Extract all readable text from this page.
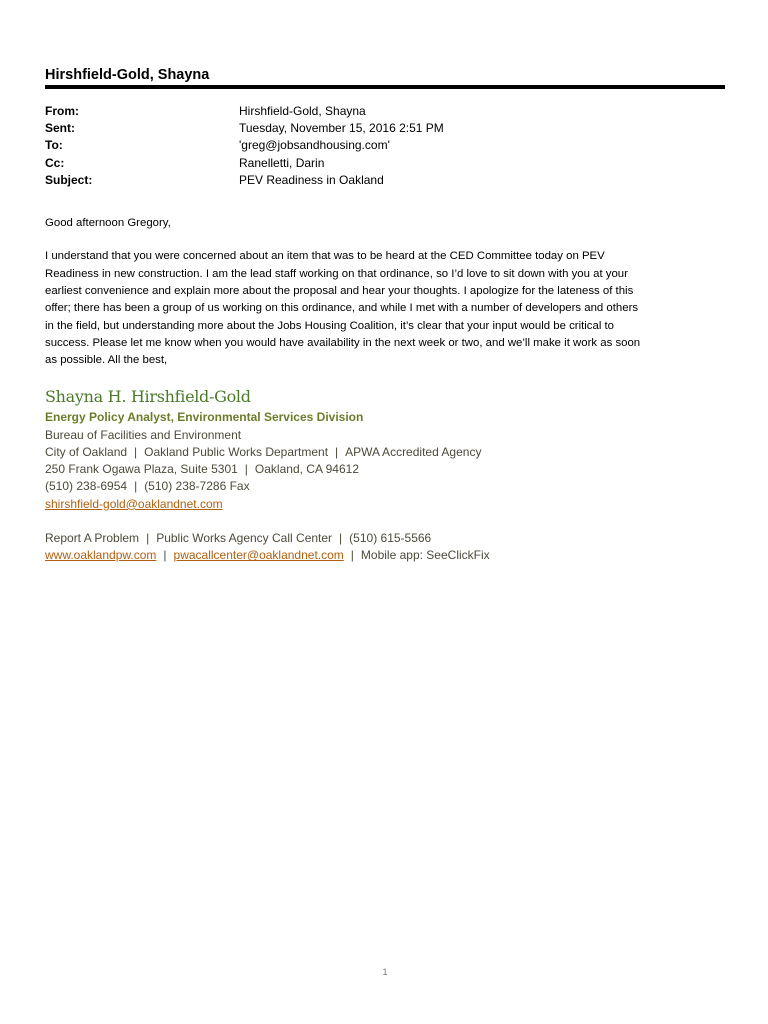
Hirshfield-Gold, Shayna
From:	Hirshfield-Gold, Shayna
Sent:	Tuesday, November 15, 2016 2:51 PM
To:	'greg@jobsandhousing.com'
Cc:	Ranelletti, Darin
Subject:	PEV Readiness in Oakland

Good afternoon Gregory,

I understand that you were concerned about an item that was to be heard at the CED Committee today on PEV
Readiness in new construction. I am the lead staff working on that ordinance, so I’d love to sit down with you at your
earliest convenience and explain more about the proposal and hear your thoughts. I apologize for the lateness of this
offer; there has been a group of us working on this ordinance, and while I met with a number of developers and others
in the field, but understanding more about the Jobs Housing Coalition, it’s clear that your input would be critical to
success. Please let me know when you would have availability in the next week or two, and we’ll make it work as soon
as possible. All the best,

Shayna H. Hirshfield-Gold
Energy Policy Analyst, Environmental Services Division
Bureau of Facilities and Environment
City of Oakland | Oakland Public Works Department | APWA Accredited Agency
250 Frank Ogawa Plaza, Suite 5301 | Oakland, CA 94612
(510) 238-6954 | (510) 238-7286 Fax
shirshfield-gold@oaklandnet.com
Report A Problem | Public Works Agency Call Center | (510) 615-5566
www.oaklandpw.com | pwacallcenter@oaklandnet.com | Mobile app: SeeClickFix
1
